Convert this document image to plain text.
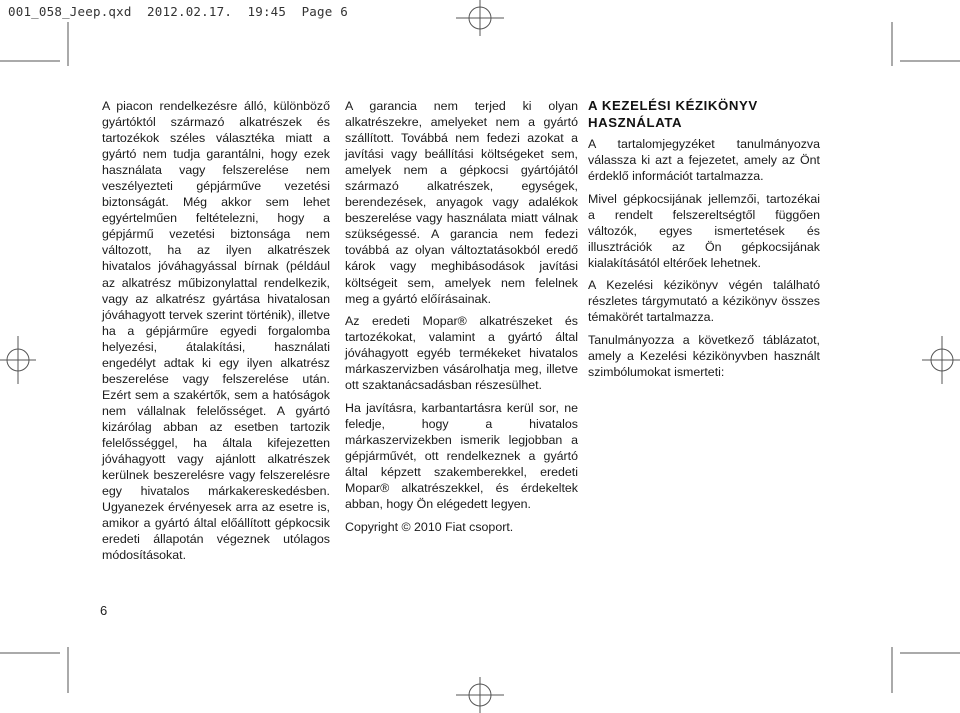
001_058_Jeep.qxd  2012.02.17.  19:45  Page 6

A piacon rendelkezésre álló, különböző gyártóktól származó alkatrészek és tartozékok széles választéka miatt a gyártó nem tudja garantálni, hogy ezek használata vagy felszerelése nem veszélyezteti gépjárműve vezetési biztonságát. Még akkor sem lehet egyértelműen feltételezni, hogy a gépjármű vezetési biztonsága nem változott, ha az ilyen alkatrészek hivatalos jóváhagyással bírnak (például az alkatrész műbizonylattal rendelkezik, vagy az alkatrész gyártása hivatalosan jóváhagyott tervek szerint történik), illetve ha a gépjárműre egyedi forgalomba helyezési, átalakítási, használati engedélyt adtak ki egy ilyen alkatrész beszerelése vagy felszerelése után. Ezért sem a szakértők, sem a hatóságok nem vállalnak felelősséget. A gyártó kizárólag abban az esetben tartozik felelősséggel, ha általa kifejezetten jóváhagyott vagy ajánlott alkatrészek kerülnek beszerelésre vagy felszerelésre egy hivatalos márkakereskedésben. Ugyanezek érvényesek arra az esetre is, amikor a gyártó által előállított gépkocsik eredeti állapotán végeznek utólagos módosításokat.

A garancia nem terjed ki olyan alkatrészekre, amelyeket nem a gyártó szállított. Továbbá nem fedezi azokat a javítási vagy beállítási költségeket sem, amelyek nem a gépkocsi gyártójától származó alkatrészek, egységek, berendezések, anyagok vagy adalékok beszerelése vagy használata miatt válnak szükségessé. A garancia nem fedezi továbbá az olyan változtatásokból eredő károk vagy meghibásodások javítási költségeit sem, amelyek nem felelnek meg a gyártó előírásainak.

Az eredeti Mopar® alkatrészeket és tartozékokat, valamint a gyártó által jóváhagyott egyéb termékeket hivatalos márkaszervizben vásárolhatja meg, illetve ott szaktanácsadásban részesülhet.

Ha javításra, karbantartásra kerül sor, ne feledje, hogy a hivatalos márkaszervizekben ismerik legjobban a gépjárművét, ott rendelkeznek a gyártó által képzett szakemberekkel, eredeti Mopar® alkatrészekkel, és érdekeltek abban, hogy Ön elégedett legyen.

Copyright © 2010 Fiat csoport.

A KEZELÉSI KÉZIKÖNYV HASZNÁLATA

A tartalomjegyzéket tanulmányozva válassza ki azt a fejezetet, amely az Önt érdeklő információt tartalmazza.

Mivel gépkocsijának jellemzői, tartozékai a rendelt felszereltségtől függően változók, egyes ismertetések és illusztrációk az Ön gépkocsijának kialakításától eltérőek lehetnek.

A Kezelési kézikönyv végén található részletes tárgymutató a kézikönyv összes témakörét tartalmazza.

Tanulmányozza a következő táblázatot, amely a Kezelési kézikönyvben használt szimbólumokat ismerteti:

6
